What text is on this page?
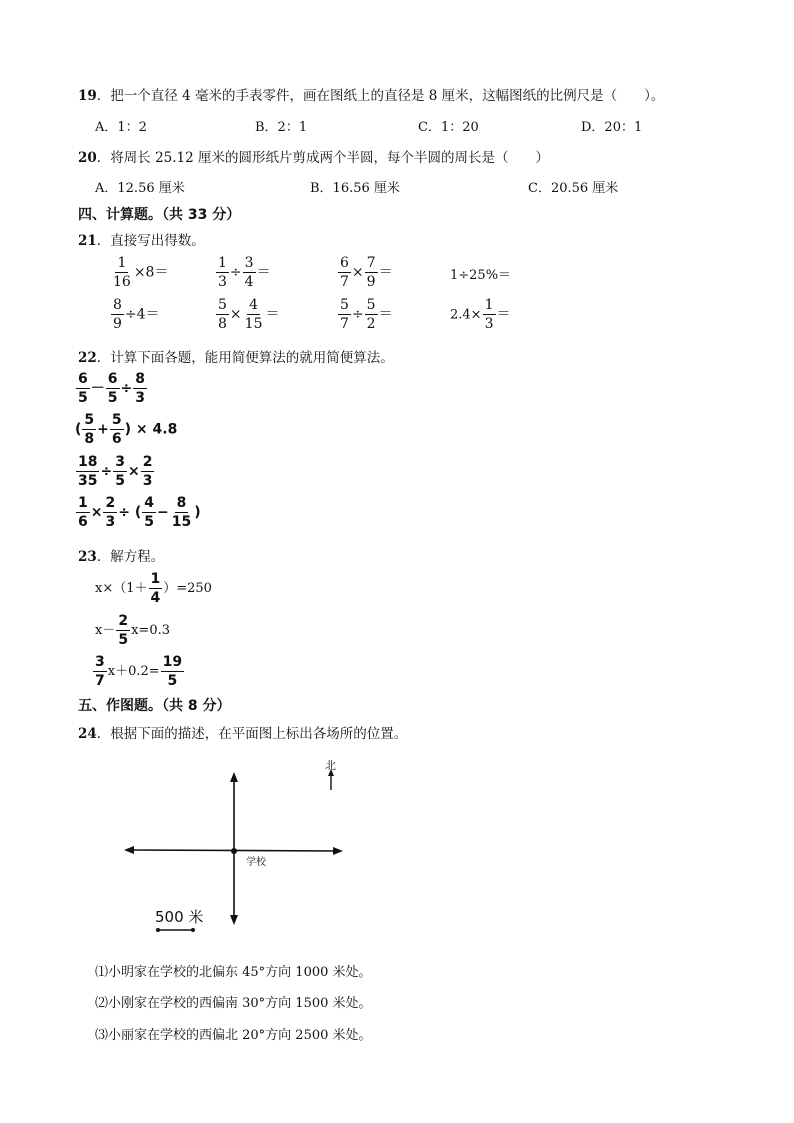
19．把一个直径 4 毫米的手表零件，画在图纸上的直径是 8 厘米，这幅图纸的比例尺是（　　）。
A．1：2	B．2：1	C．1：20	D．20：1
20．将周长 25.12 厘米的圆形纸片剪成两个半圆，每个半圆的周长是（　　）
A．12.56 厘米	B．16.56 厘米	C．20.56 厘米
四、计算题。（共 33 分）
21．直接写出得数。
$\frac{1}{16} \times 8=$	$\frac{1}{3} \div \frac{3}{4}$ ＝	$\frac{6}{7} \times \frac{7}{9}$ ＝	1÷25%＝
$\frac{8}{9} \div 4=$	$\frac{5}{8} \times \frac{4}{15}$ ＝	$\frac{5}{7} \div \frac{5}{2}$ ＝	$2.4\times \frac{1}{3}$ ＝
22．计算下面各题，能用简便算法的就用简便算法。
$\frac{6}{5} - \frac{6}{5} \div \frac{8}{3}$
( $\frac{5}{8} + \frac{5}{6}$ ) × 4.8
$\frac{18}{35} \div \frac{3}{5} \times \frac{2}{3}$
$\frac{1}{6} \times \frac{2}{3}$ ÷ ( $\frac{4}{5} - \frac{8}{15}$ )
23．解方程。
$x\times(1+ \frac{1}{4} )=250$
$x- \frac{2}{5} x=0.3$
$\frac{3}{7} x+0.2= \frac{19}{5}$
五、作图题。（共 8 分）
24．根据下面的描述，在平面图上标出各场所的位置。
北
学校
500 米
⑴小明家在学校的北偏东 45°方向 1000 米处。
⑵小刚家在学校的西偏南 30°方向 1500 米处。
⑶小丽家在学校的西偏北 20°方向 2500 米处。
